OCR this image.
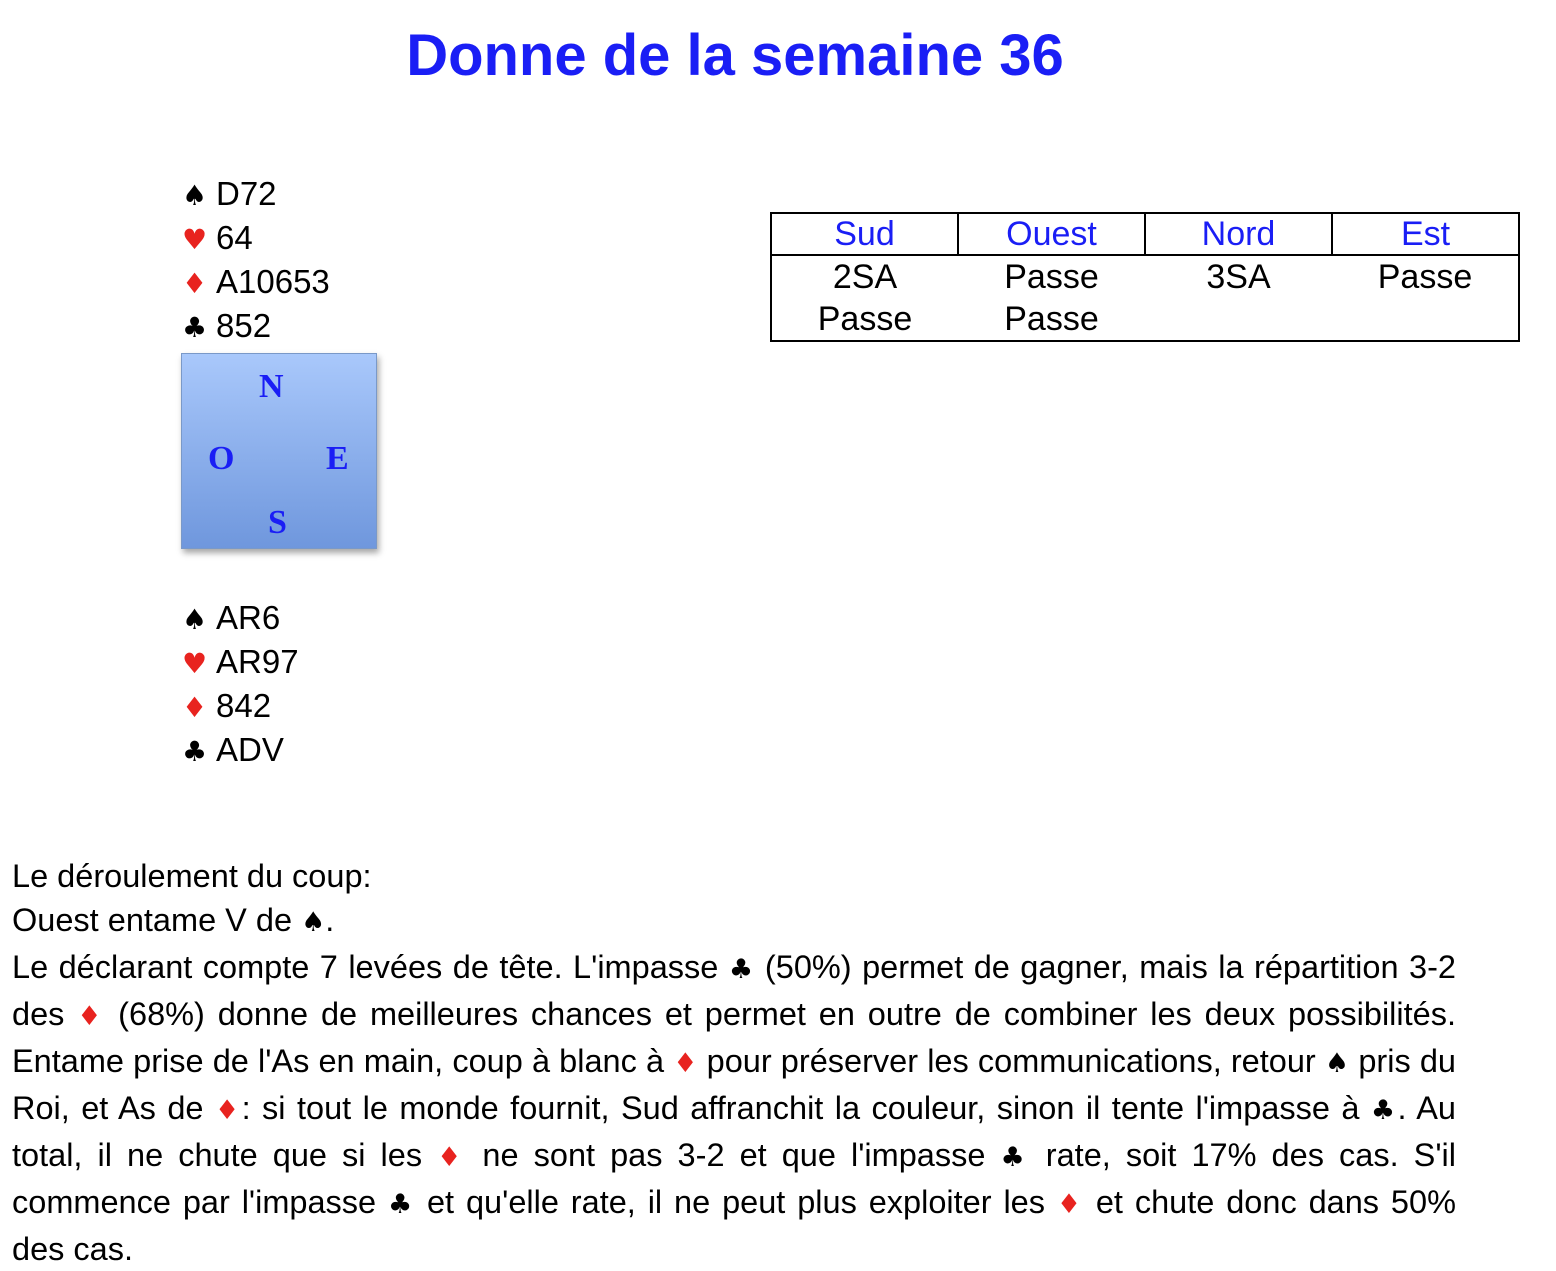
Donne de la semaine 36
♠ D72
♥ 64
♦ A10653
♣ 852
N
O	E
S
♠ AR6
♥ AR97
♦ 842
♣ ADV
Sud	Ouest	Nord	Est
2SA	Passe	3SA	Passe
Passe	Passe		

Le déroulement du coup:

Ouest entame V de ♠.

Le déclarant compte 7 levées de tête. L'impasse ♣ (50%) permet de gagner, mais la répartition 3-2 des ♦ (68%) donne de meilleures chances et permet en outre de combiner les deux possibilités. Entame prise de l'As en main, coup à blanc à ♦ pour préserver les communications, retour ♠ pris du Roi, et As de ♦: si tout le monde fournit, Sud affranchit la couleur, sinon il tente l'impasse à ♣. Au total, il ne chute que si les ♦ ne sont pas 3-2 et que l'impasse ♣ rate, soit 17% des cas. S'il commence par l'impasse ♣ et qu'elle rate, il ne peut plus exploiter les ♦ et chute donc dans 50% des cas.
